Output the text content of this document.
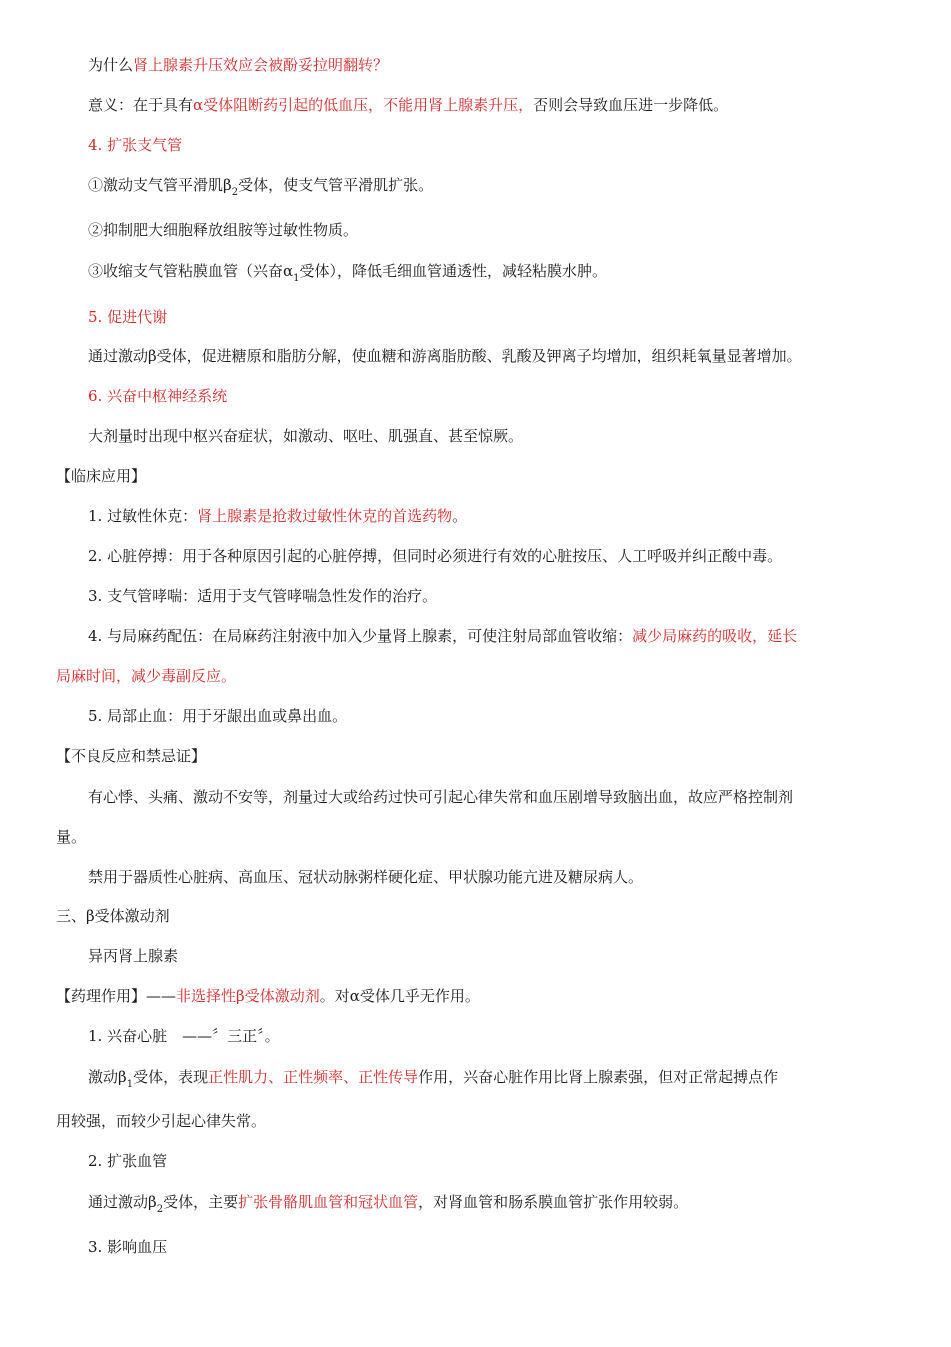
为什么肾上腺素升压效应会被酚妥拉明翻转？
意义：在于具有α受体阻断药引起的低血压，不能用肾上腺素升压，否则会导致血压进一步降低。
4. 扩张支气管
①激动支气管平滑肌$\beta_2$受体，使支气管平滑肌扩张。
②抑制肥大细胞释放组胺等过敏性物质。
③收缩支气管粘膜血管（兴奋$\alpha_1$受体），降低毛细血管通透性，减轻粘膜水肿。
5. 促进代谢
通过激动β受体，促进糖原和脂肪分解，使血糖和游离脂肪酸、乳酸及钾离子均增加，组织耗氧量显著增加。
6. 兴奋中枢神经系统
大剂量时出现中枢兴奋症状，如激动、呕吐、肌强直、甚至惊厥。
【临床应用】
1. 过敏性休克：肾上腺素是抢救过敏性休克的首选药物。
2. 心脏停搏：用于各种原因引起的心脏停搏，但同时必须进行有效的心脏按压、人工呼吸并纠正酸中毒。
3. 支气管哮喘：适用于支气管哮喘急性发作的治疗。
4. 与局麻药配伍：在局麻药注射液中加入少量肾上腺素，可使注射局部血管收缩：减少局麻药的吸收，延长
局麻时间，减少毒副反应。
5. 局部止血：用于牙龈出血或鼻出血。
【不良反应和禁忌证】
有心悸、头痛、激动不安等，剂量过大或给药过快可引起心律失常和血压剧增导致脑出血，故应严格控制剂
量。
禁用于器质性心脏病、高血压、冠状动脉粥样硬化症、甲状腺功能亢进及糖尿病人。
三、β受体激动剂
异丙肾上腺素
【药理作用】——非选择性β受体激动剂。对α受体几乎无作用。
1. 兴奋心脏　——〞三正〞。
激动$\beta_1$受体，表现正性肌力、正性频率、正性传导作用，兴奋心脏作用比肾上腺素强，但对正常起搏点作
用较强，而较少引起心律失常。
2. 扩张血管
通过激动$\beta_2$受体，主要扩张骨骼肌血管和冠状血管，对肾血管和肠系膜血管扩张作用较弱。
3. 影响血压
